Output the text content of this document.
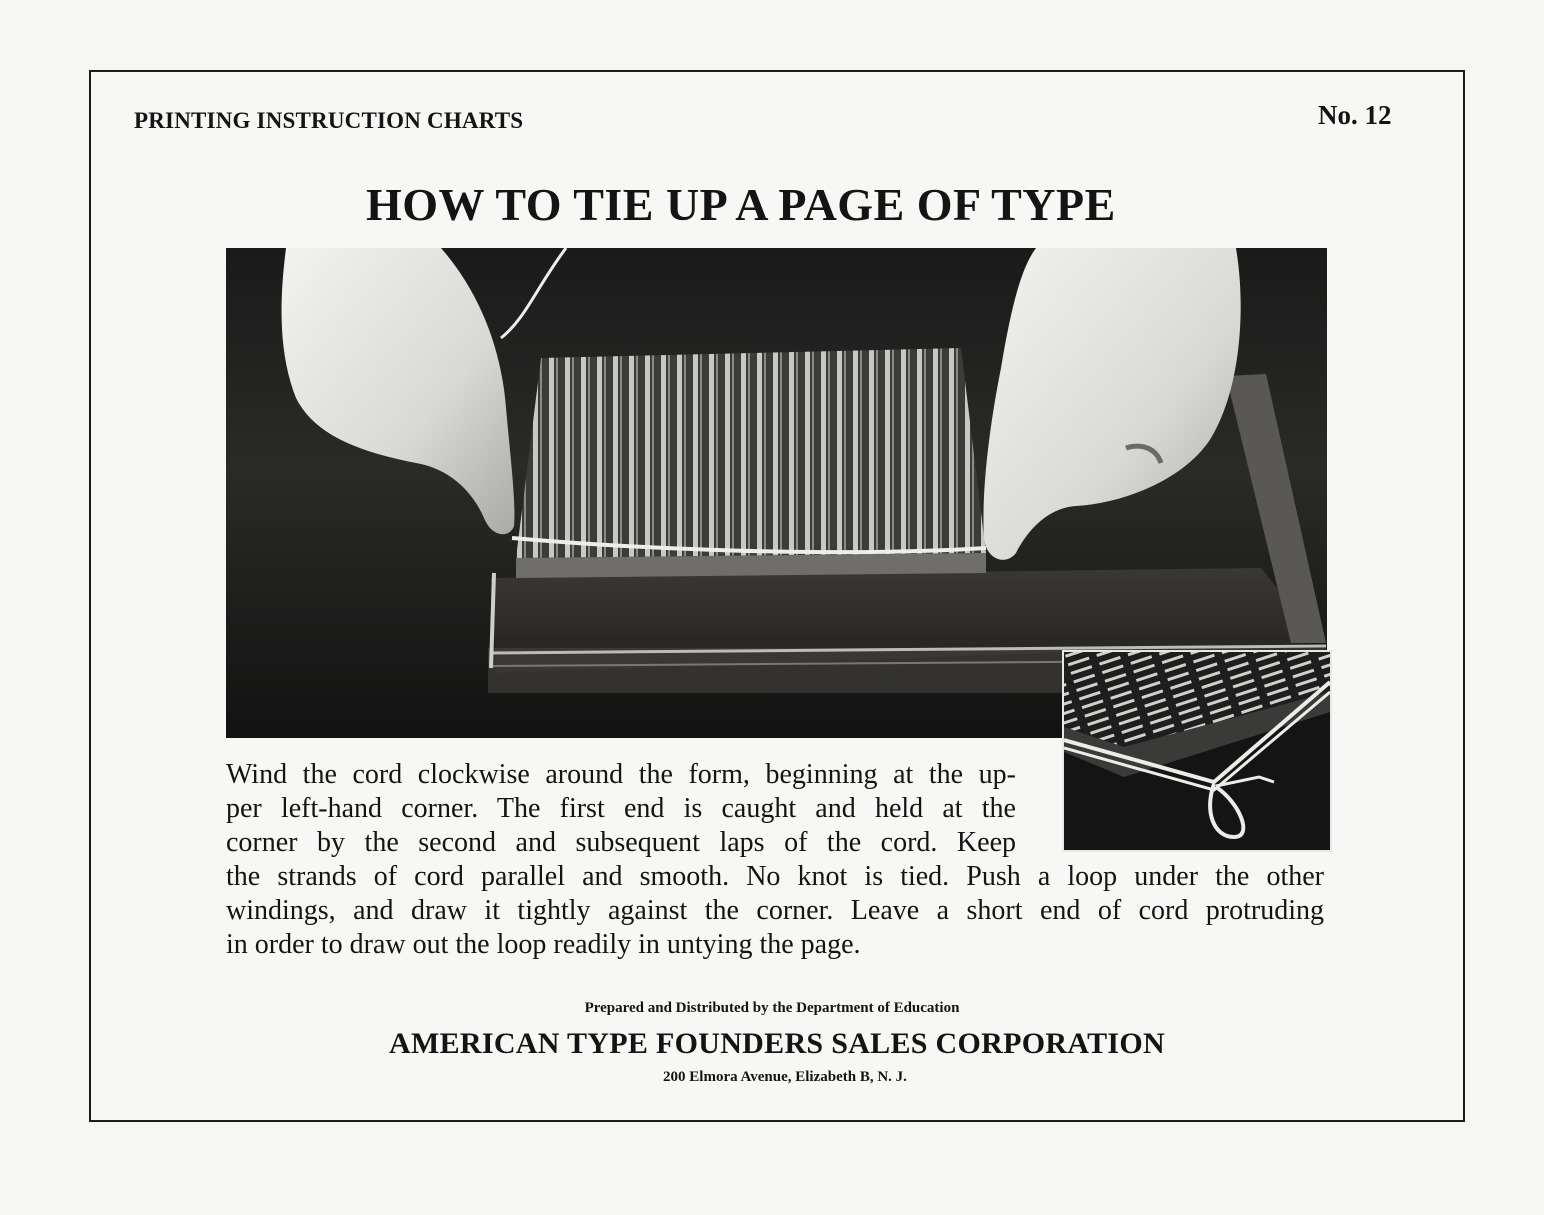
PRINTING INSTRUCTION CHARTS	No. 12
HOW TO TIE UP A PAGE OF TYPE
Wind the cord clockwise around the form, beginning at the up-
per left-hand corner. The first end is caught and held at the
corner by the second and subsequent laps of the cord. Keep
the strands of cord parallel and smooth. No knot is tied. Push a loop under the other
windings, and draw it tightly against the corner. Leave a short end of cord protruding
in order to draw out the loop readily in untying the page.
Prepared and Distributed by the Department of Education
AMERICAN TYPE FOUNDERS SALES CORPORATION
200 Elmora Avenue, Elizabeth B, N. J.
